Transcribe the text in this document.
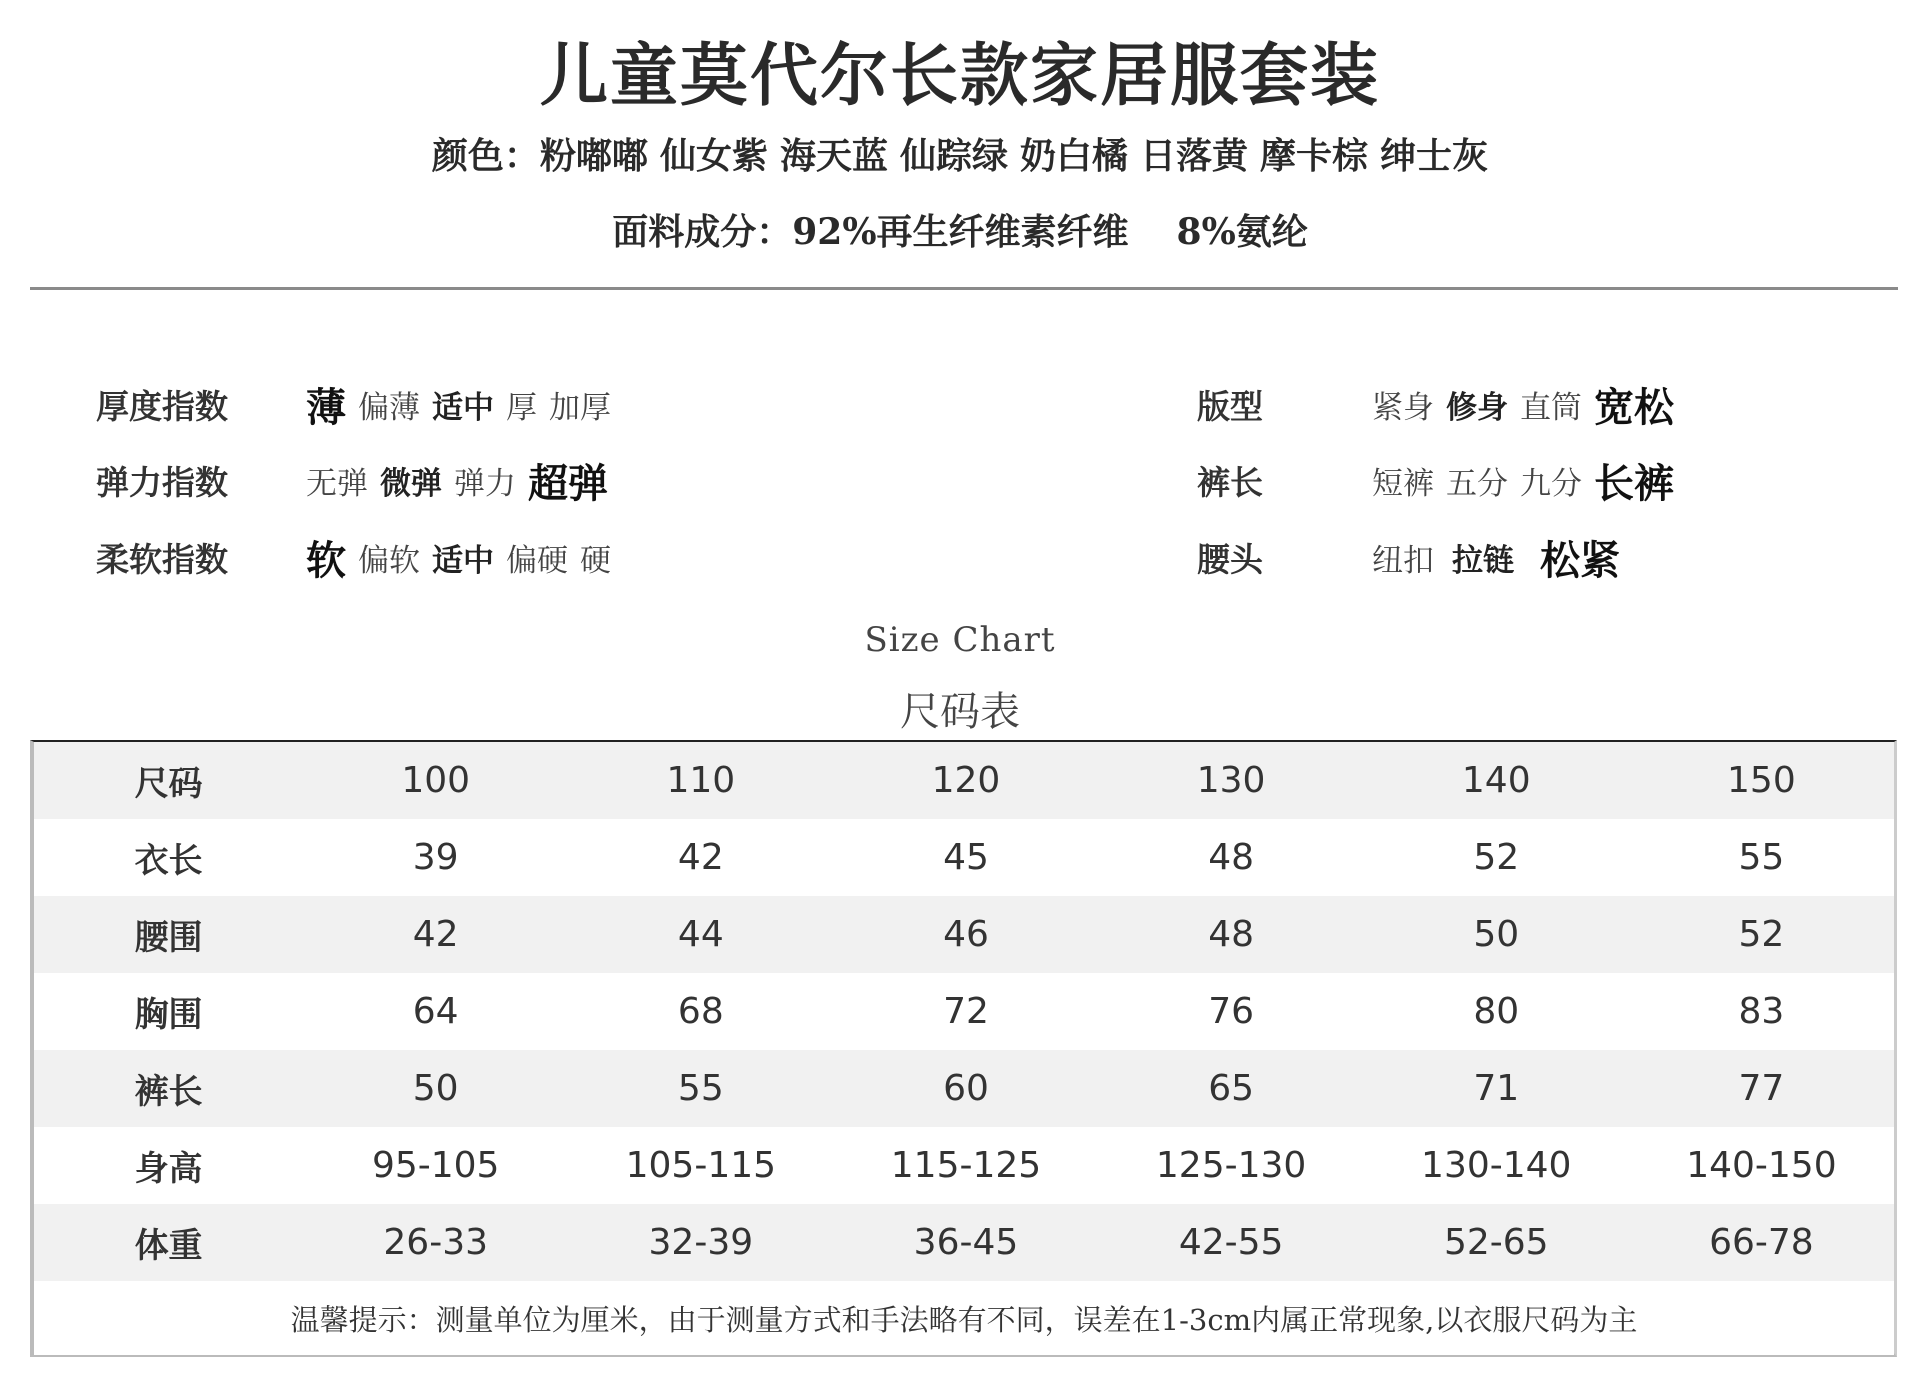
儿童莫代尔长款家居服套装
颜色：粉嘟嘟 仙女紫 海天蓝 仙踪绿 奶白橘 日落黄 摩卡棕 绅士灰
面料成分：92%再生纤维素纤维 8%氨纶
厚度指数 薄 偏薄 适中 厚 加厚
弹力指数	无弹 微弹 弹力 超弹
柔软指数 软 偏软 适中 偏硬 硬
版型	紧身 修身 直筒 宽松
裤长	短裤 五分 九分 长裤
腰头	纽扣 拉链 松紧
Size Chart
尺码表
尺码	100	110	120	130	140	150
衣长	39	42	45	48	52	55
腰围	42	44	46	48	50	52
胸围	64	68	72	76	80	83
裤长	50	55	60	65	71	77
身高	95-105	105-115	115-125	125-130	130-140	140-150
体重	26-33	32-39	36-45	42-55	52-65	66-78
温馨提示：测量单位为厘米，由于测量方式和手法略有不同，误差在1-3cm内属正常现象,以衣服尺码为主
